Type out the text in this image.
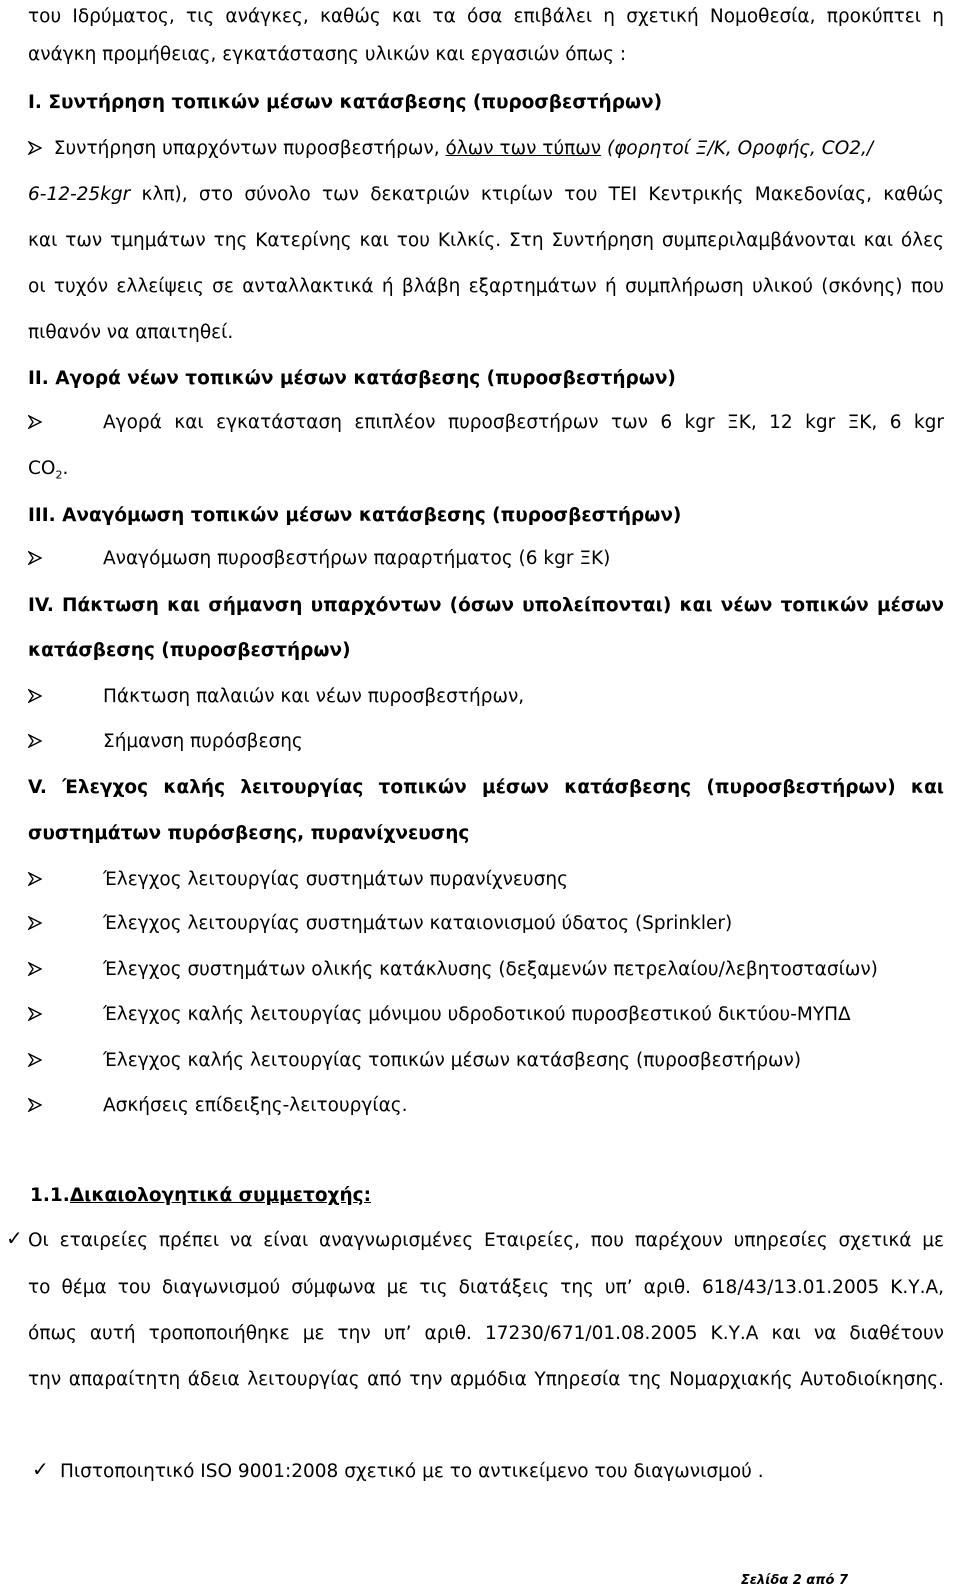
του Ιδρύματος, τις ανάγκες, καθώς και τα όσα επιβάλει η σχετική Νομοθεσία, προκύπτει η
ανάγκη προμήθειας, εγκατάστασης υλικών και εργασιών όπως :
I. Συντήρηση τοπικών μέσων κατάσβεσης (πυροσβεστήρων)
Συντήρηση υπαρχόντων πυροσβεστήρων, όλων των τύπων (φορητοί Ξ/Κ, Οροφής, CO2,/
6-12-25kgr κλπ), στο σύνολο των δεκατριών κτιρίων του ΤΕΙ Κεντρικής Μακεδονίας, καθώς
και των τμημάτων της Κατερίνης και του Κιλκίς. Στη Συντήρηση συμπεριλαμβάνονται και όλες
οι τυχόν ελλείψεις σε ανταλλακτικά ή βλάβη εξαρτημάτων ή συμπλήρωση υλικού (σκόνης) που
πιθανόν να απαιτηθεί.
II. Αγορά νέων τοπικών μέσων κατάσβεσης (πυροσβεστήρων)
Αγορά και εγκατάσταση επιπλέον πυροσβεστήρων των 6 kgr ΞΚ, 12 kgr ΞΚ, 6 kgr
$CO_2$.
III. Αναγόμωση τοπικών μέσων κατάσβεσης (πυροσβεστήρων)
Αναγόμωση πυροσβεστήρων παραρτήματος (6 kgr ΞΚ)
IV. Πάκτωση και σήμανση υπαρχόντων (όσων υπολείπονται) και νέων τοπικών μέσων
κατάσβεσης (πυροσβεστήρων)
Πάκτωση παλαιών και νέων πυροσβεστήρων,
Σήμανση πυρόσβεσης
V. Έλεγχος καλής λειτουργίας τοπικών μέσων κατάσβεσης (πυροσβεστήρων) και
συστημάτων πυρόσβεσης, πυρανίχνευσης
Έλεγχος λειτουργίας συστημάτων πυρανίχνευσης
Έλεγχος λειτουργίας συστημάτων καταιονισμού ύδατος (Sprinkler)
Έλεγχος συστημάτων ολικής κατάκλυσης (δεξαμενών πετρελαίου/λεβητοστασίων)
Έλεγχος καλής λειτουργίας μόνιμου υδροδοτικού πυροσβεστικού δικτύου-ΜΥΠΔ
Έλεγχος καλής λειτουργίας τοπικών μέσων κατάσβεσης (πυροσβεστήρων)
Ασκήσεις επίδειξης-λειτουργίας.
1.1.Δικαιολογητικά συμμετοχής:
✓ Οι εταιρείες πρέπει να είναι αναγνωρισμένες Εταιρείες, που παρέχουν υπηρεσίες σχετικά με
το θέμα του διαγωνισμού σύμφωνα με τις διατάξεις της υπ’ αριθ. 618/43/13.01.2005 Κ.Υ.Α,
όπως αυτή τροποποιήθηκε με την υπ’ αριθ. 17230/671/01.08.2005 Κ.Υ.Α και να διαθέτουν
την απαραίτητη άδεια λειτουργίας από την αρμόδια Υπηρεσία της Νομαρχιακής Αυτοδιοίκησης.
✓ Πιστοποιητικό ISO 9001:2008 σχετικό με το αντικείμενο του διαγωνισμού .
Σελίδα 2 από 7
